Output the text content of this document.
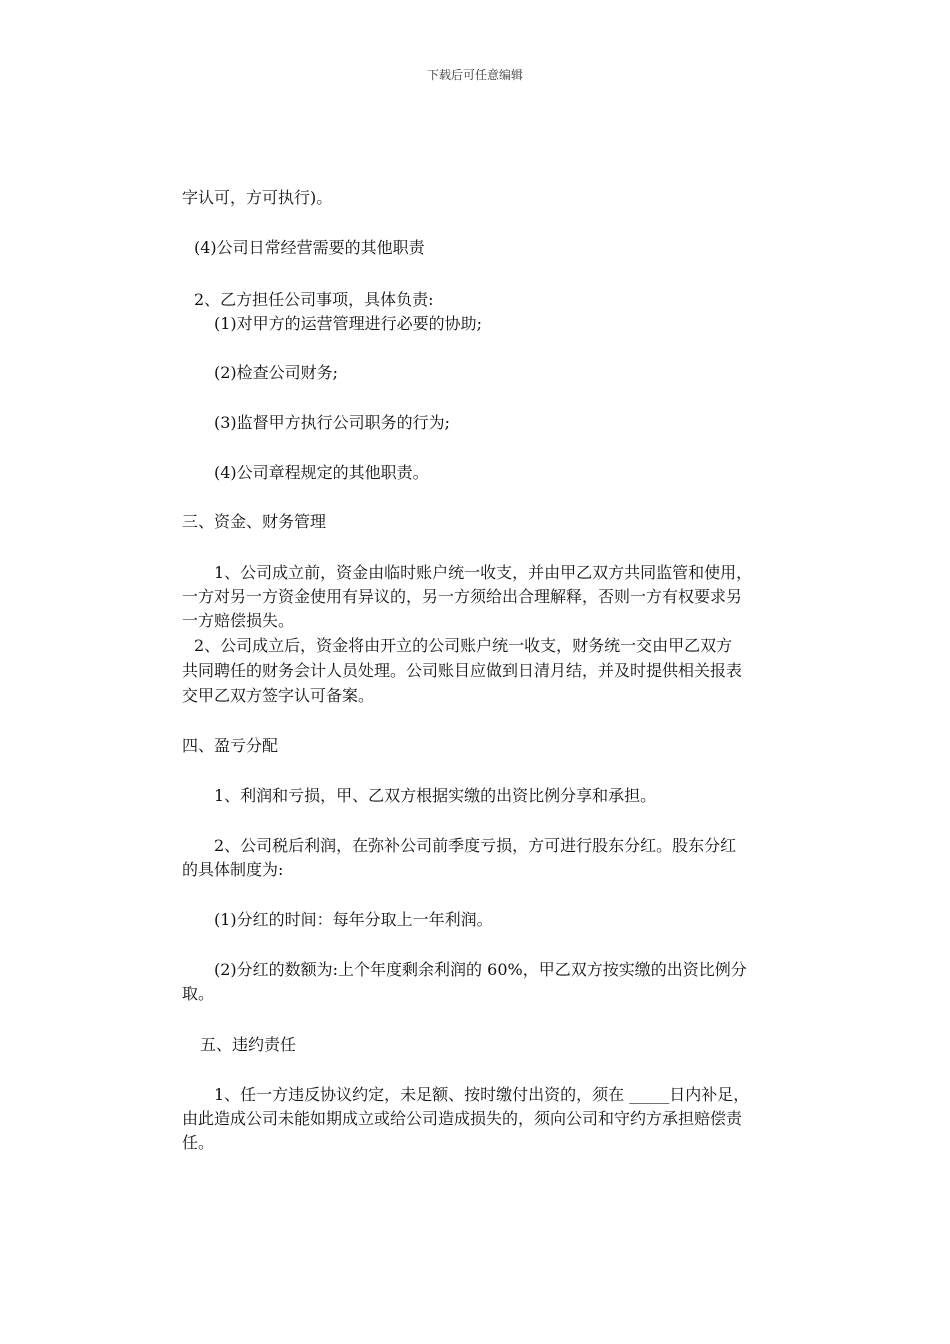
下载后可任意编辑
字认可，方可执行)。
(4)公司日常经营需要的其他职责
2、乙方担任公司事项，具体负责:
(1)对甲方的运营管理进行必要的协助;
(2)检查公司财务;
(3)监督甲方执行公司职务的行为;
(4)公司章程规定的其他职责。
三、资金、财务管理
1、公司成立前，资金由临时账户统一收支，并由甲乙双方共同监管和使用，
一方对另一方资金使用有异议的，另一方须给出合理解释，否则一方有权要求另
一方赔偿损失。
2、公司成立后，资金将由开立的公司账户统一收支，财务统一交由甲乙双方
共同聘任的财务会计人员处理。公司账目应做到日清月结，并及时提供相关报表
交甲乙双方签字认可备案。
四、盈亏分配
1、利润和亏损，甲、乙双方根据实缴的出资比例分享和承担。
2、公司税后利润，在弥补公司前季度亏损，方可进行股东分红。股东分红
的具体制度为:
(1)分红的时间：每年分取上一年利润。
(2)分红的数额为:上个年度剩余利润的 60%，甲乙双方按实缴的出资比例分
取。
五、违约责任
1、任一方违反协议约定，未足额、按时缴付出资的，须在 _____日内补足，
由此造成公司未能如期成立或给公司造成损失的，须向公司和守约方承担赔偿责
任。
